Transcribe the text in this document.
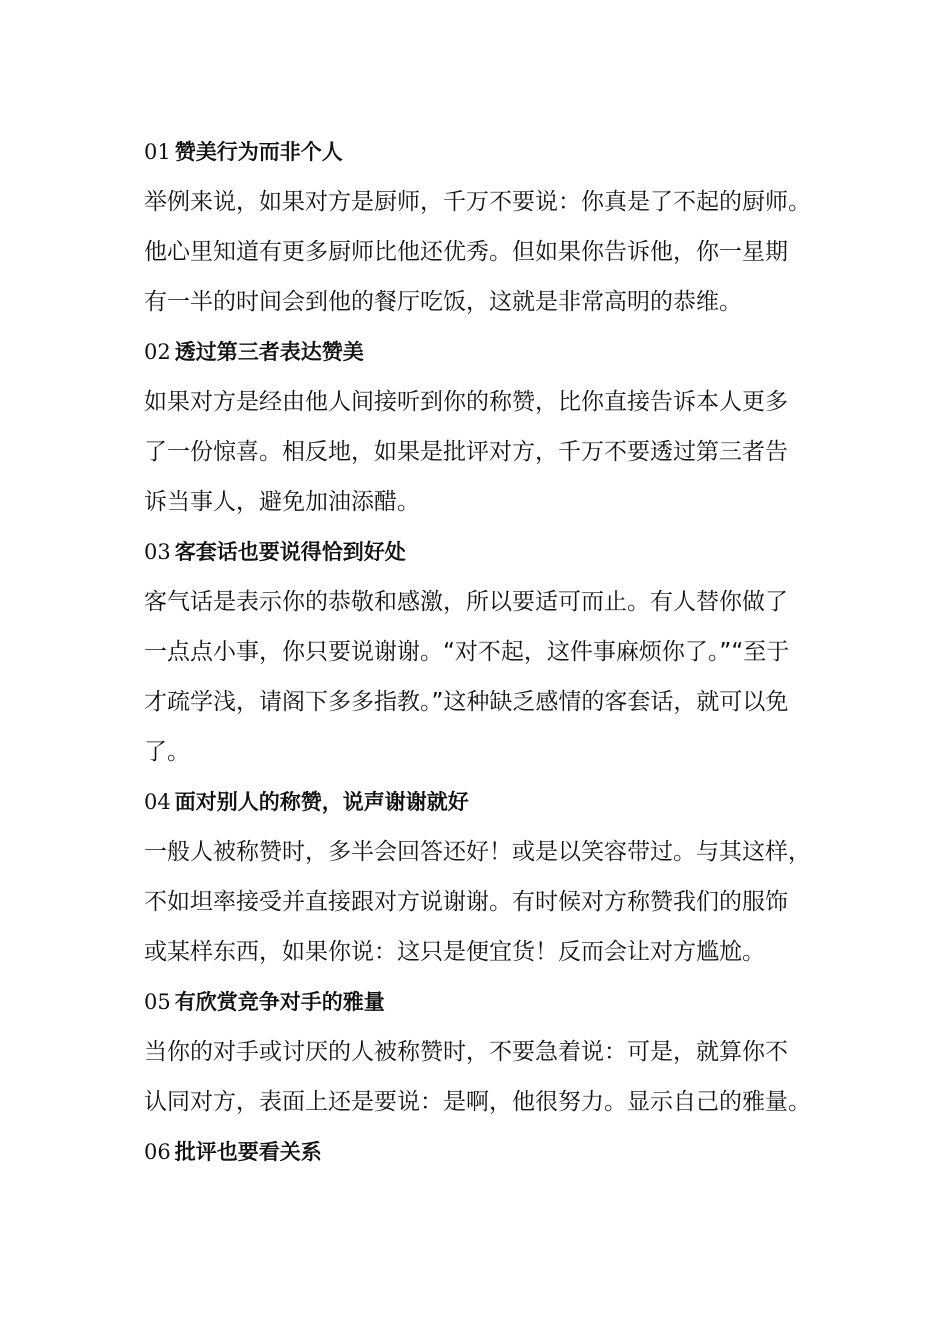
01 赞美行为而非个人
举例来说，如果对方是厨师，千万不要说：你真是了不起的厨师。
他心里知道有更多厨师比他还优秀。但如果你告诉他，你一星期
有一半的时间会到他的餐厅吃饭，这就是非常高明的恭维。
02 透过第三者表达赞美
如果对方是经由他人间接听到你的称赞，比你直接告诉本人更多
了一份惊喜。相反地，如果是批评对方，千万不要透过第三者告
诉当事人，避免加油添醋。
03 客套话也要说得恰到好处
客气话是表示你的恭敬和感激，所以要适可而止。有人替你做了
一点点小事，你只要说谢谢。“对不起，这件事麻烦你了。”“至于
才疏学浅，请阁下多多指教。”这种缺乏感情的客套话，就可以免
了。
04 面对别人的称赞，说声谢谢就好
一般人被称赞时，多半会回答还好！或是以笑容带过。与其这样，
不如坦率接受并直接跟对方说谢谢。有时候对方称赞我们的服饰
或某样东西，如果你说：这只是便宜货！反而会让对方尴尬。
05 有欣赏竞争对手的雅量
当你的对手或讨厌的人被称赞时，不要急着说：可是，就算你不
认同对方，表面上还是要说：是啊，他很努力。显示自己的雅量。
06 批评也要看关系
